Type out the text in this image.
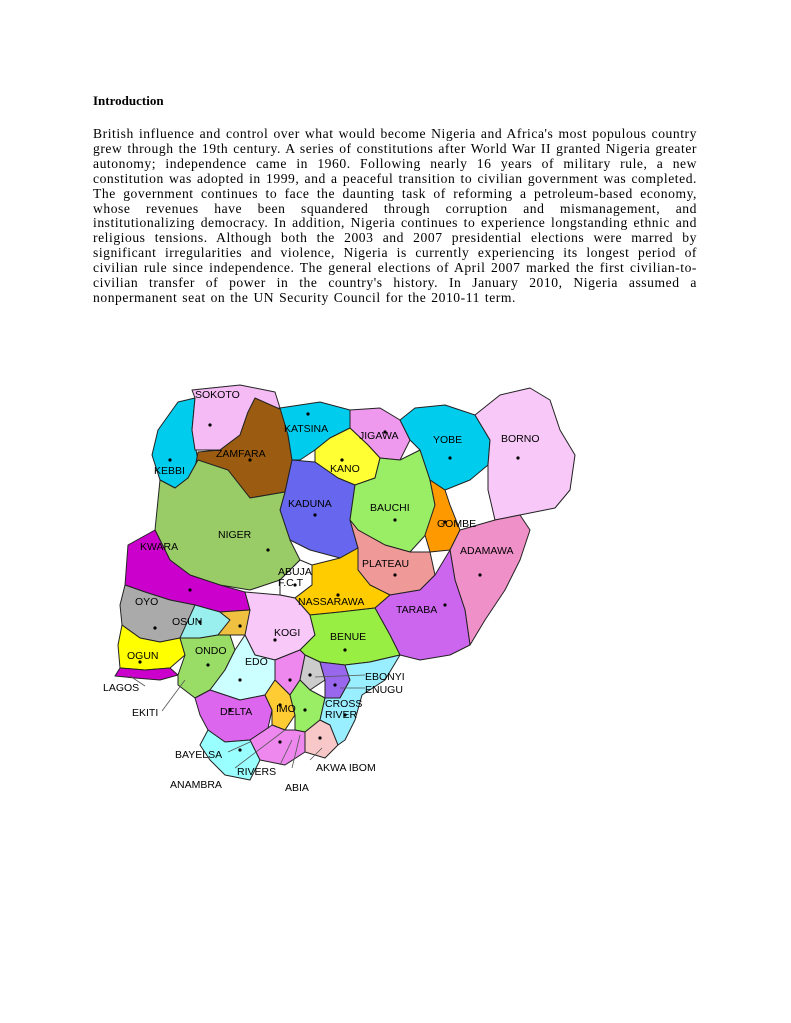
Introduction

British influence and control over what would become Nigeria and Africa's most populous country grew through the 19th century. A series of constitutions after World War II granted Nigeria greater autonomy; independence came in 1960. Following nearly 16 years of military rule, a new constitution was adopted in 1999, and a peaceful transition to civilian government was completed. The government continues to face the daunting task of reforming a petroleum-based economy, whose revenues have been squandered through corruption and mismanagement, and institutionalizing democracy. In addition, Nigeria continues to experience longstanding ethnic and religious tensions. Although both the 2003 and 2007 presidential elections were marred by significant irregularities and violence, Nigeria is currently experiencing its longest period of civilian rule since independence. The general elections of April 2007 marked the first civilian-to-civilian transfer of power in the country's history. In January 2010, Nigeria assumed a nonpermanent seat on the UN Security Council for the 2010-11 term.

SOKOTO
KATSINA
JIGAWA	YOBE	BORNO
ZAMFARA
KEBBI	KANO
KADUNA	BAUCHI
GOMBE
NIGER
ADAMAWA
KWARA
PLATEAU
ABUJA
F.C.T
NASSARAWA
TARABA
OYO
OSUN
KOGI	BENUE
OGUN	ONDO
EDO
EBONYI
ENUGU
LAGOS
CROSS
RIVER
DELTA IMO
EKITI
BAYELSA
AKWA IBOM
RIVERS
ANAMBRA	ABIA
